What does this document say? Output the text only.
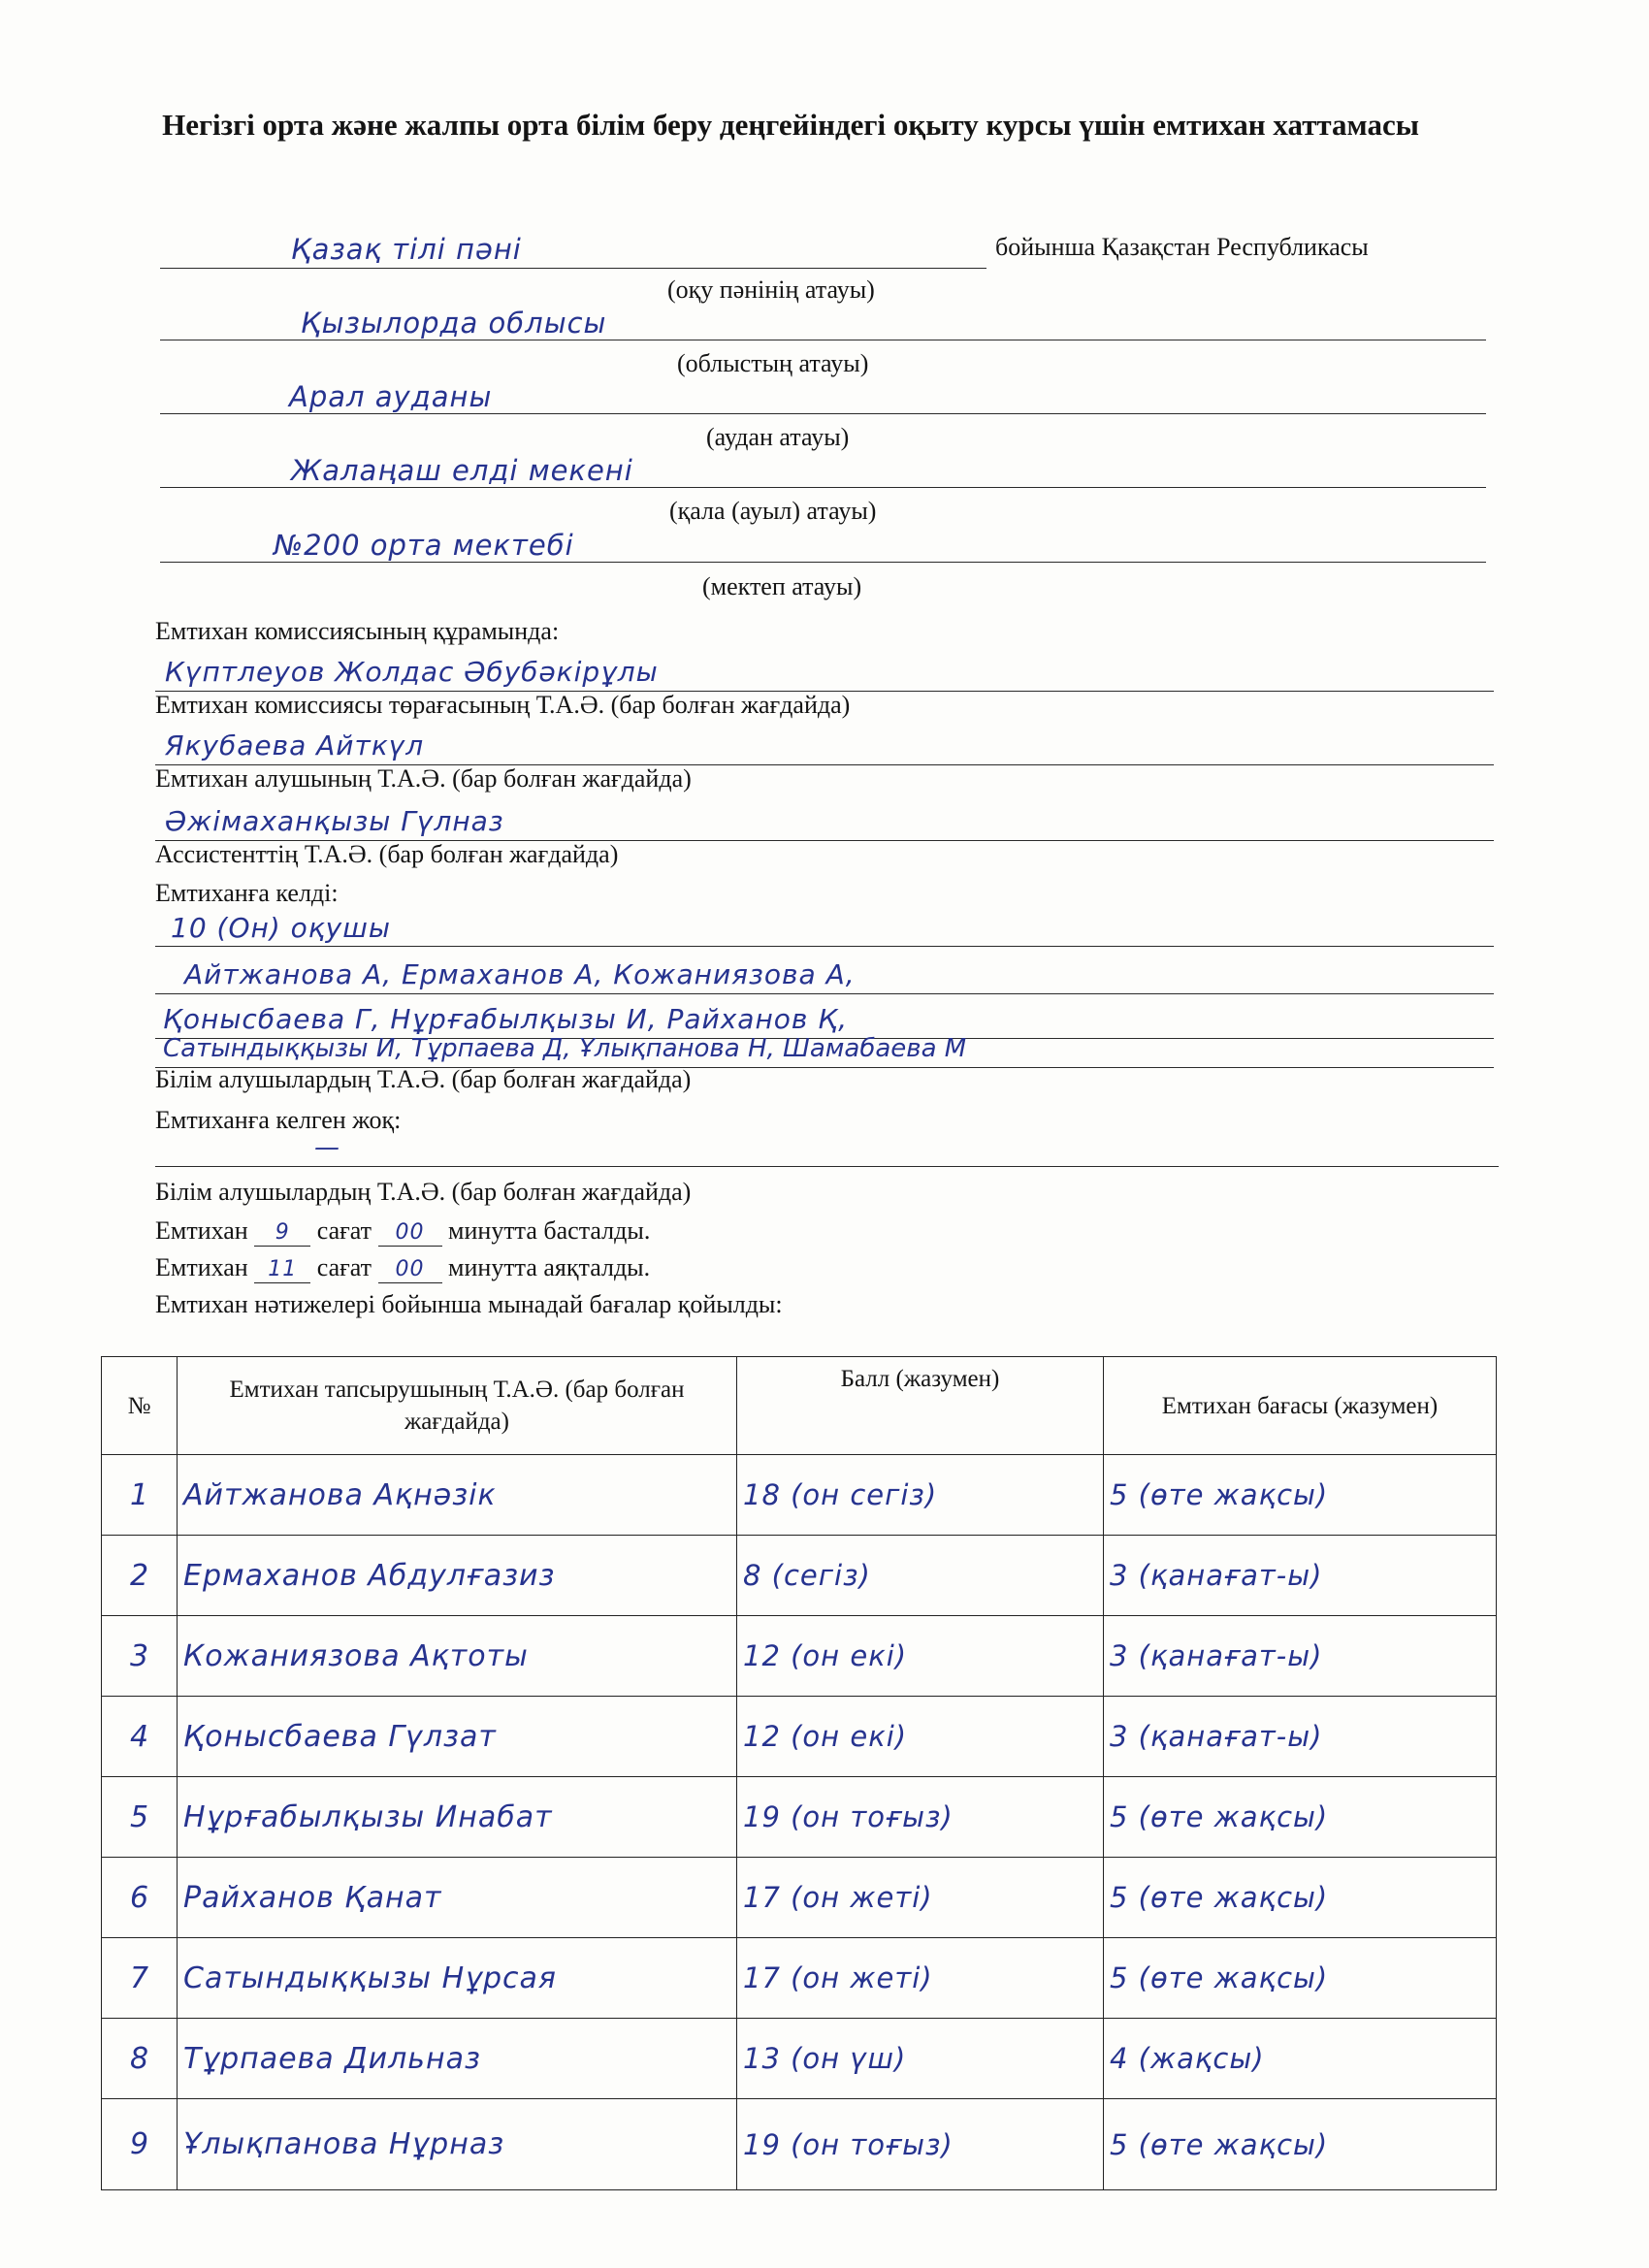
Негізгі орта және жалпы орта білім беру деңгейіндегі оқыту курсы үшін емтихан хаттамасы
Қазақ тілі пәні	бойынша Қазақстан Республикасы
(оқу пәнінің атауы)
Қызылорда облысы
(облыстың атауы)
Арал ауданы
(аудан атауы)
Жалаңаш елді мекені
(қала (ауыл) атауы)
№200 орта мектебі
(мектеп атауы)
Емтихан комиссиясының құрамында:
Күптлеуов Жолдас Әбубәкірұлы
Емтихан комиссиясы төрағасының Т.А.Ә. (бар болған жағдайда)
Якубаева Айткүл
Емтихан алушының Т.А.Ә. (бар болған жағдайда)
Әжімаханқызы Гүлназ
Ассистенттің Т.А.Ә. (бар болған жағдайда)
Емтиханға келді:
10 (Он) оқушы
Айтжанова А, Ермаханов А, Кожаниязова А,
Қоныcбаева Г, Нұрғабылқызы И, Райханов Қ,
Сатындыққызы И, Тұрпаева Д, Ұлықпанова Н, Шамабаева М
Білім алушылардың Т.А.Ә. (бар болған жағдайда)
Емтиханға келген жоқ:
—
Білім алушылардың Т.А.Ә. (бар болған жағдайда)
Емтихан 9 сағат 00 минутта басталды.
Емтихан 11 сағат 00 минутта аяқталды.
Емтихан нәтижелері бойынша мынадай бағалар қойылды:
№	Емтихан тапсырушының Т.А.Ә. (бар болған жағдайда)	Балл (жазумен)	Емтихан бағасы (жазумен)
1	Айтжанова Ақнәзік	18 (он сегіз)	5 (өте жақсы)
2	Ермаханов Абдулғазиз	8 (сегіз)	3 (қанағат-ы)
3	Кожаниязова Ақтоты	12 (он екі)	3 (қанағат-ы)
4	Қонысбаева Гүлзат	12 (он екі)	3 (қанағат-ы)
5	Нұрғабылқызы Инабат	19 (он тоғыз)	5 (өте жақсы)
6	Райханов Қанат	17 (он жеті)	5 (өте жақсы)
7	Сатындыққызы Нұрсая	17 (он жеті)	5 (өте жақсы)
8	Тұрпаева Дильназ	13 (он үш)	4 (жақсы)
9	Ұлықпанова Нұрназ	19 (он тоғыз)	5 (өте жақсы)
